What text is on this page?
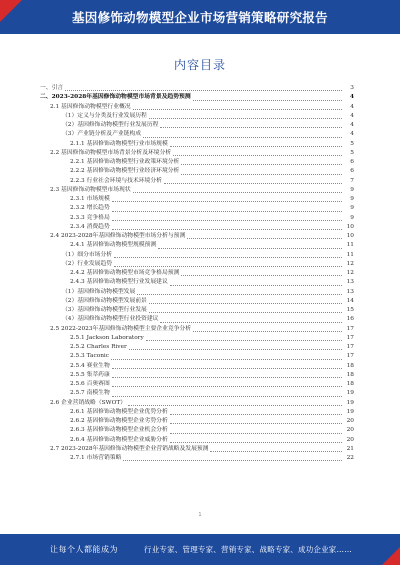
基因修饰动物模型企业市场营销策略研究报告
内容目录
一、引言	3
二、2023-2028年基因修饰动物模型市场背景及趋势预测	4
2.1 基因修饰动物模型行业概况	4
（1）定义与分类及行业发展历程	4
（2）基因修饰动物模型行业发展历程	4
（3）产业链分析及产业链构成	4
2.1.1 基因修饰动物模型行业市场规模	5
2.2 基因修饰动物模型市场背景分析及环境分析	5
2.2.1 基因修饰动物模型行业政策环境分析	6
2.2.2 基因修饰动物模型行业经济环境分析	6
2.2.3 行业社会环境与技术环境分析	7
2.3 基因修饰动物模型市场现状	9
2.3.1 市场规模	9
2.3.2 增长趋势	9
2.3.3 竞争格局	9
2.3.4 消费趋势	10
2.4 2023-2028年基因修饰动物模型市场分析与预测	10
2.4.1 基因修饰动物模型规模预测	11
（1）细分市场分析	11
（2）行业发展趋势	12
2.4.2 基因修饰动物模型市场竞争格局预测	12
2.4.3 基因修饰动物模型行业发展建议	13
（1）基因修饰动物模型发展	13
（2）基因修饰动物模型发展前景	14
（3）基因修饰动物模型行业发展	15
（4）基因修饰动物模型行业投资建议	16
2.5 2022-2023年基因修饰动物模型主要企业竞争分析	17
2.5.1 Jackson Laboratory	17
2.5.2 Charles River	17
2.5.3 Taconic	17
2.5.4 赛业生物	18
2.5.5 集萃药康	18
2.5.6 百奥赛图	18
2.5.7 南模生物	19
2.6 企业营销战略（SWOT）	19
2.6.1 基因修饰动物模型企业优势分析	19
2.6.2 基因修饰动物模型企业劣势分析	20
2.6.3 基因修饰动物模型企业机会分析	20
2.6.4 基因修饰动物模型企业威胁分析	20
2.7 2023-2028年基因修饰动物模型企业营销战略及发展预测	21
2.7.1 市场营销策略	22
1
让每个人都能成为	行业专家、管理专家、营销专家、战略专家、成功企业家……
